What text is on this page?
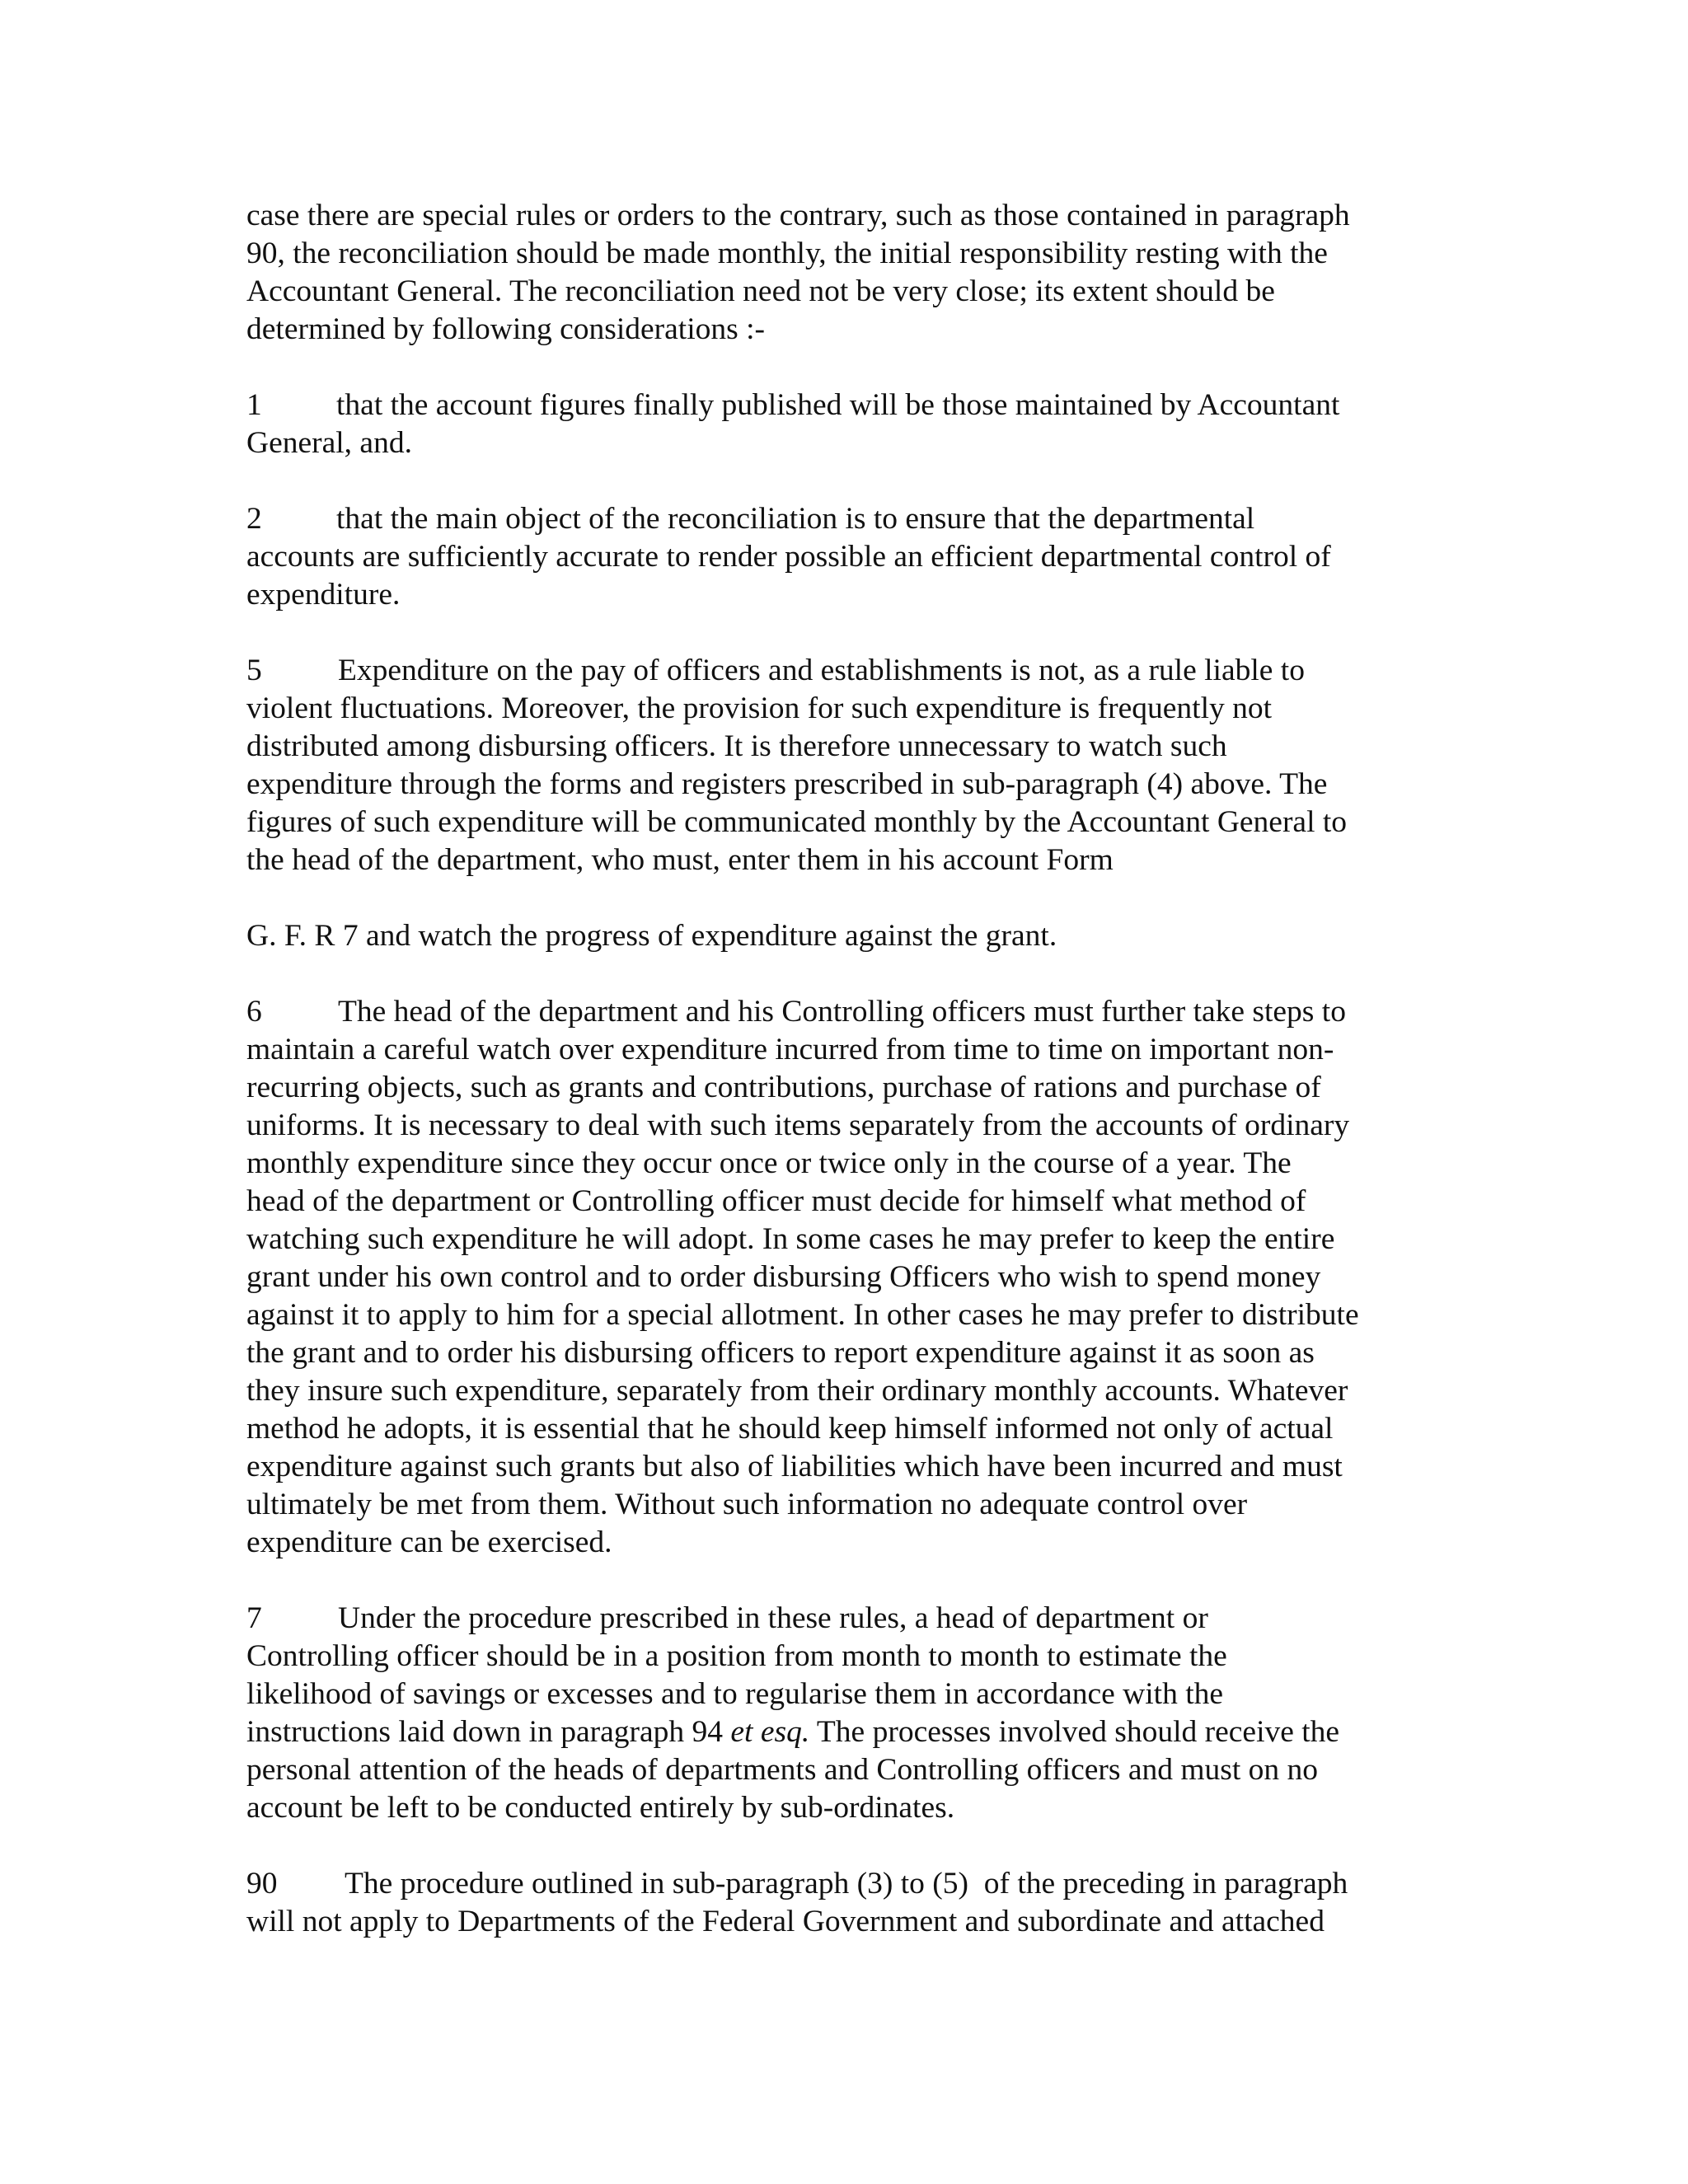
case there are special rules or orders to the contrary, such as those contained in paragraph
90, the reconciliation should be made monthly, the initial responsibility resting with the
Accountant General. The reconciliation need not be very close; its extent should be
determined by following considerations :-
1 that the account figures finally published will be those maintained by Accountant
General, and.
2 that the main object of the reconciliation is to ensure that the departmental
accounts are sufficiently accurate to render possible an efficient departmental control of
expenditure.
5 Expenditure on the pay of officers and establishments is not, as a rule liable to
violent fluctuations. Moreover, the provision for such expenditure is frequently not
distributed among disbursing officers. It is therefore unnecessary to watch such
expenditure through the forms and registers prescribed in sub-paragraph (4) above. The
figures of such expenditure will be communicated monthly by the Accountant General to
the head of the department, who must, enter them in his account Form
G. F. R 7 and watch the progress of expenditure against the grant.
6 The head of the department and his Controlling officers must further take steps to
maintain a careful watch over expenditure incurred from time to time on important non-
recurring objects, such as grants and contributions, purchase of rations and purchase of
uniforms. It is necessary to deal with such items separately from the accounts of ordinary
monthly expenditure since they occur once or twice only in the course of a year. The
head of the department or Controlling officer must decide for himself what method of
watching such expenditure he will adopt. In some cases he may prefer to keep the entire
grant under his own control and to order disbursing Officers who wish to spend money
against it to apply to him for a special allotment. In other cases he may prefer to distribute
the grant and to order his disbursing officers to report expenditure against it as soon as
they insure such expenditure, separately from their ordinary monthly accounts. Whatever
method he adopts, it is essential that he should keep himself informed not only of actual
expenditure against such grants but also of liabilities which have been incurred and must
ultimately be met from them. Without such information no adequate control over
expenditure can be exercised.
7 Under the procedure prescribed in these rules, a head of department or
Controlling officer should be in a position from month to month to estimate the
likelihood of savings or excesses and to regularise them in accordance with the
instructions laid down in paragraph 94 et esq. The processes involved should receive the
personal attention of the heads of departments and Controlling officers and must on no
account be left to be conducted entirely by sub-ordinates.
90 The procedure outlined in sub-paragraph (3) to (5)  of the preceding in paragraph
will not apply to Departments of the Federal Government and subordinate and attached
